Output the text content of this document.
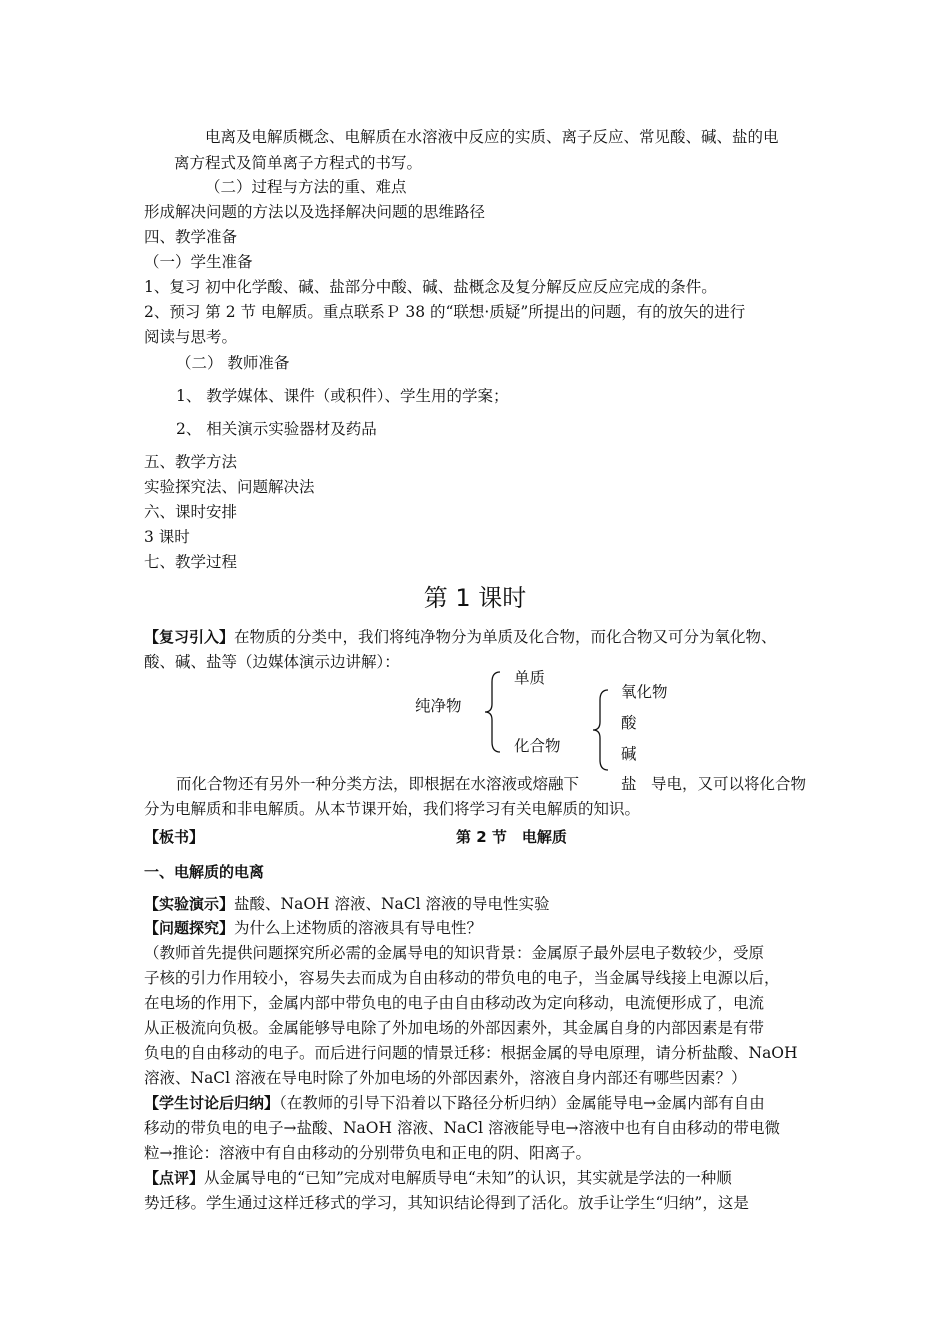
电离及电解质概念、电解质在水溶液中反应的实质、离子反应、常见酸、碱、盐的电
离方程式及简单离子方程式的书写。
（二）过程与方法的重、难点
形成解决问题的方法以及选择解决问题的思维路径
四、教学准备
（一）学生准备
1、复习 初中化学酸、碱、盐部分中酸、碱、盐概念及复分解反应反应完成的条件。
2、预习 第 2 节 电解质。重点联系Ｐ 38 的“联想·质疑”所提出的问题，有的放矢的进行
阅读与思考。
（二） 教师准备
1、 教学媒体、课件（或积件）、学生用的学案；
2、 相关演示实验器材及药品
五、教学方法
实验探究法、问题解决法
六、课时安排
3 课时
七、教学过程
第 1 课时
【复习引入】在物质的分类中，我们将纯净物分为单质及化合物，而化合物又可分为氧化物、
酸、碱、盐等（边媒体演示边讲解）：
纯净物
单质
化合物
氧化物
酸
碱
而化合物还有另外一种分类方法，即根据在水溶液或熔融下	盐 导电，又可以将化合物
分为电解质和非电解质。从本节课开始，我们将学习有关电解质的知识。
【板书】	第 2 节　电解质
一、电解质的电离
【实验演示】盐酸、NaOH 溶液、NaCl 溶液的导电性实验
【问题探究】为什么上述物质的溶液具有导电性？
（教师首先提供问题探究所必需的金属导电的知识背景：金属原子最外层电子数较少，受原
子核的引力作用较小，容易失去而成为自由移动的带负电的电子，当金属导线接上电源以后，
在电场的作用下，金属内部中带负电的电子由自由移动改为定向移动，电流便形成了，电流
从正极流向负极。金属能够导电除了外加电场的外部因素外，其金属自身的内部因素是有带
负电的自由移动的电子。而后进行问题的情景迁移：根据金属的导电原理，请分析盐酸、NaOH
溶液、NaCl 溶液在导电时除了外加电场的外部因素外，溶液自身内部还有哪些因素？）
【学生讨论后归纳】（在教师的引导下沿着以下路径分析归纳）金属能导电→金属内部有自由
移动的带负电的电子→盐酸、NaOH 溶液、NaCl 溶液能导电→溶液中也有自由移动的带电微
粒→推论：溶液中有自由移动的分别带负电和正电的阴、阳离子。
【点评】从金属导电的“已知”完成对电解质导电“未知”的认识，其实就是学法的一种顺
势迁移。学生通过这样迁移式的学习，其知识结论得到了活化。放手让学生“归纳”，这是
